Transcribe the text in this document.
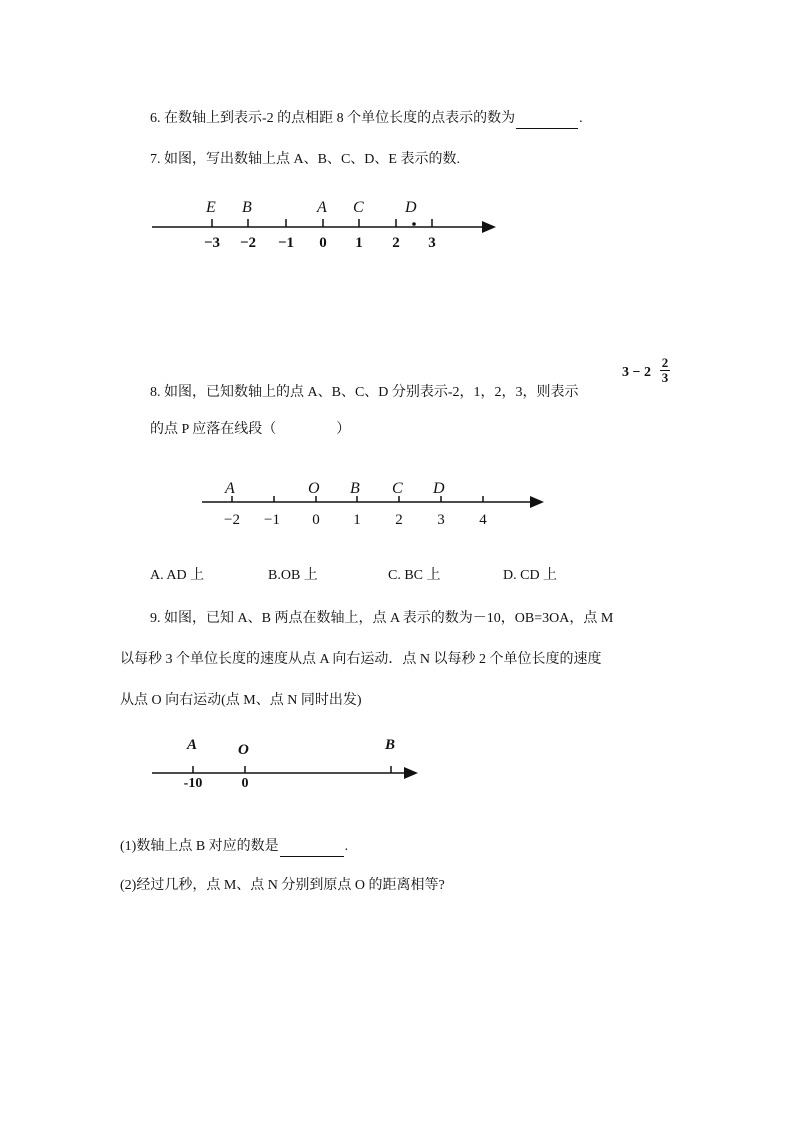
6. 在数轴上到表示-2 的点相距 8 个单位长度的点表示的数为	.
7. 如图，写出数轴上点 A、B、C、D、E 表示的数.
E B	A C	D
−3 −2 −1 0 1 2 3
A	O B C D
−2 −1 0 1 2 3 4
A	O	B
-10	0
$3 - 2 \frac{2}{3}$
8. 如图，已知数轴上的点 A、B、C、D 分别表示-2，1，2，3，则表示
的点 P 应落在线段（	）
A. AD 上	B.OB 上	C. BC 上	D. CD 上
9. 如图，已知 A、B 两点在数轴上，点 A 表示的数为－10，OB=3OA，点 M
以每秒 3 个单位长度的速度从点 A 向右运动．点 N 以每秒 2 个单位长度的速度
从点 O 向右运动(点 M、点 N 同时出发)
(1)数轴上点 B 对应的数是	.
(2)经过几秒，点 M、点 N 分别到原点 O 的距离相等?
